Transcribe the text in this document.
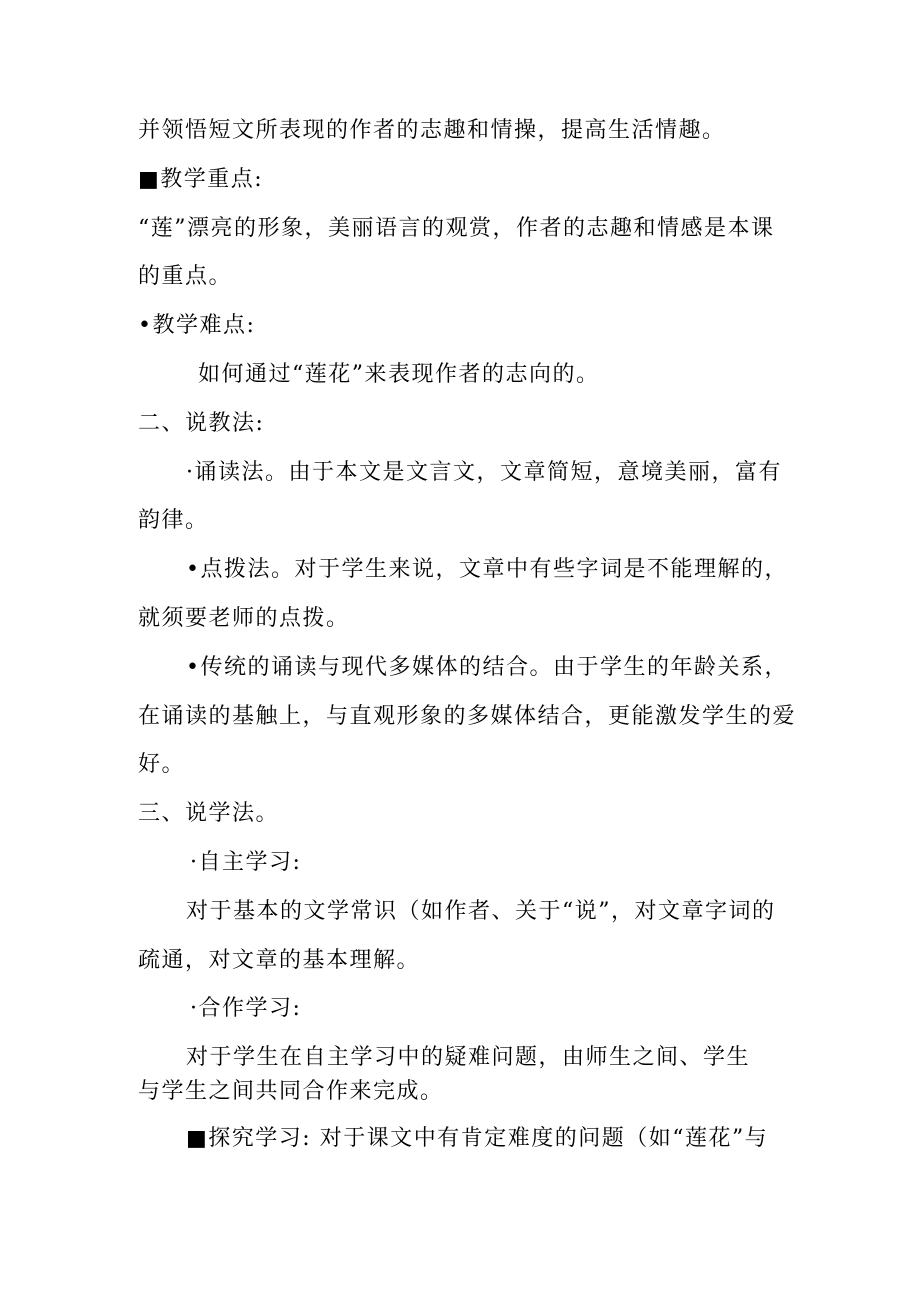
并领悟短文所表现的作者的志趣和情操，提高生活情趣。
■教学重点:
“莲”漂亮的形象，美丽语言的观赏，作者的志趣和情感是本课
的重点。
•教学难点:
如何通过“莲花”来表现作者的志向的。
二、说教法:
·诵读法。由于本文是文言文，文章简短，意境美丽，富有
韵律。
•点拨法。对于学生来说，文章中有些字词是不能理解的，
就须要老师的点拨。
•传统的诵读与现代多媒体的结合。由于学生的年龄关系，
在诵读的基触上，与直观形象的多媒体结合，更能激发学生的爱
好。
三、说学法。
·自主学习:
对于基本的文学常识（如作者、关于“说”，对文章字词的
疏通，对文章的基本理解。
·合作学习:
对于学生在自主学习中的疑难问题，由师生之间、学生
与学生之间共同合作来完成。
■探究学习: 对于课文中有肯定难度的问题（如“莲花”与
